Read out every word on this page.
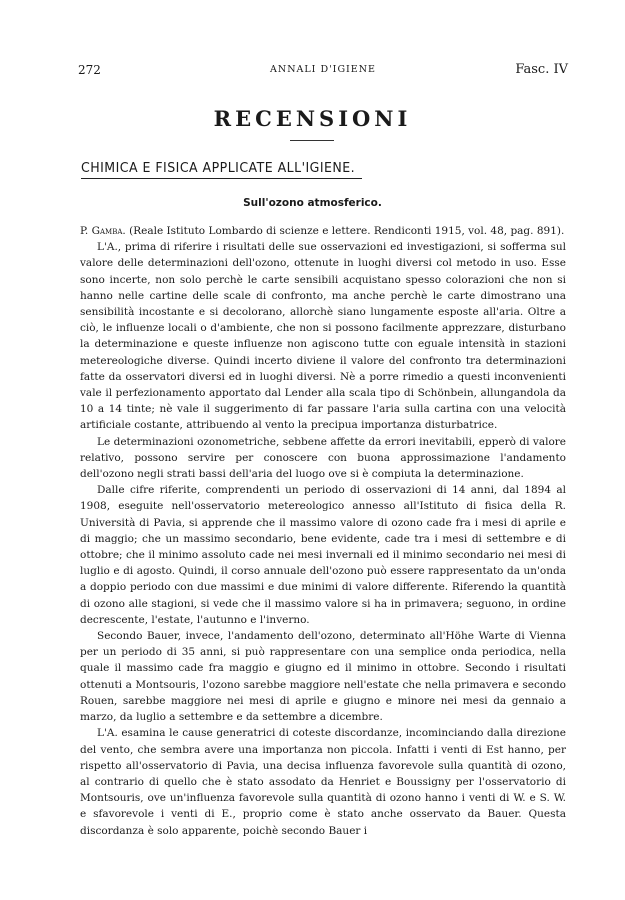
272	ANNALI D'IGIENE	Fasc. IV
RECENSIONI
CHIMICA E FISICA APPLICATE ALL'IGIENE.
Sull'ozono atmosferico.

P. Gamba. (Reale Istituto Lombardo di scienze e lettere. Rendiconti 1915, vol. 48, pag. 891).

L'A., prima di riferire i risultati delle sue osservazioni ed investigazioni, si sofferma sul valore delle determinazioni dell'ozono, ottenute in luoghi diversi col metodo in uso. Esse sono incerte, non solo perchè le carte sensibili acquistano spesso colorazioni che non si hanno nelle cartine delle scale di confronto, ma anche perchè le carte dimostrano una sensibilità incostante e si decolorano, allorchè siano lungamente esposte all'aria. Oltre a ciò, le influenze locali o d'ambiente, che non si possono facilmente apprezzare, disturbano la determinazione e queste influenze non agiscono tutte con eguale intensità in stazioni metereologiche diverse. Quindi incerto diviene il valore del confronto tra determinazioni fatte da osservatori diversi ed in luoghi diversi. Nè a porre rimedio a questi inconvenienti vale il perfezionamento apportato dal Lender alla scala tipo di Schönbein, allungandola da 10 a 14 tinte; nè vale il suggerimento di far passare l'aria sulla cartina con una velocità artificiale costante, attribuendo al vento la precipua importanza disturbatrice.

Le determinazioni ozonometriche, sebbene affette da errori inevitabili, epperò di valore relativo, possono servire per conoscere con buona approssimazione l'andamento dell'ozono negli strati bassi dell'aria del luogo ove si è compiuta la determinazione.

Dalle cifre riferite, comprendenti un periodo di osservazioni di 14 anni, dal 1894 al 1908, eseguite nell'osservatorio metereologico annesso all'Istituto di fisica della R. Università di Pavia, si apprende che il massimo valore di ozono cade fra i mesi di aprile e di maggio; che un massimo secondario, bene evidente, cade tra i mesi di settembre e di ottobre; che il minimo assoluto cade nei mesi invernali ed il minimo secondario nei mesi di luglio e di agosto. Quindi, il corso annuale dell'ozono può essere rappresentato da un'onda a doppio periodo con due massimi e due minimi di valore differente. Riferendo la quantità di ozono alle stagioni, si vede che il massimo valore si ha in primavera; seguono, in ordine decrescente, l'estate, l'autunno e l'inverno.

Secondo Bauer, invece, l'andamento dell'ozono, determinato all'Höhe Warte di Vienna per un periodo di 35 anni, si può rappresentare con una semplice onda periodica, nella quale il massimo cade fra maggio e giugno ed il minimo in ottobre. Secondo i risultati ottenuti a Montsouris, l'ozono sarebbe maggiore nell'estate che nella primavera e secondo Rouen, sarebbe maggiore nei mesi di aprile e giugno e minore nei mesi da gennaio a marzo, da luglio a settembre e da settembre a dicembre.

L'A. esamina le cause generatrici di coteste discordanze, incominciando dalla direzione del vento, che sembra avere una importanza non piccola. Infatti i venti di Est hanno, per rispetto all'osservatorio di Pavia, una decisa influenza favorevole sulla quantità di ozono, al contrario di quello che è stato assodato da Henriet e Boussigny per l'osservatorio di Montsouris, ove un'influenza favorevole sulla quantità di ozono hanno i venti di W. e S. W. e sfavorevole i venti di E., proprio come è stato anche osservato da Bauer. Questa discordanza è solo apparente, poichè secondo Bauer i
